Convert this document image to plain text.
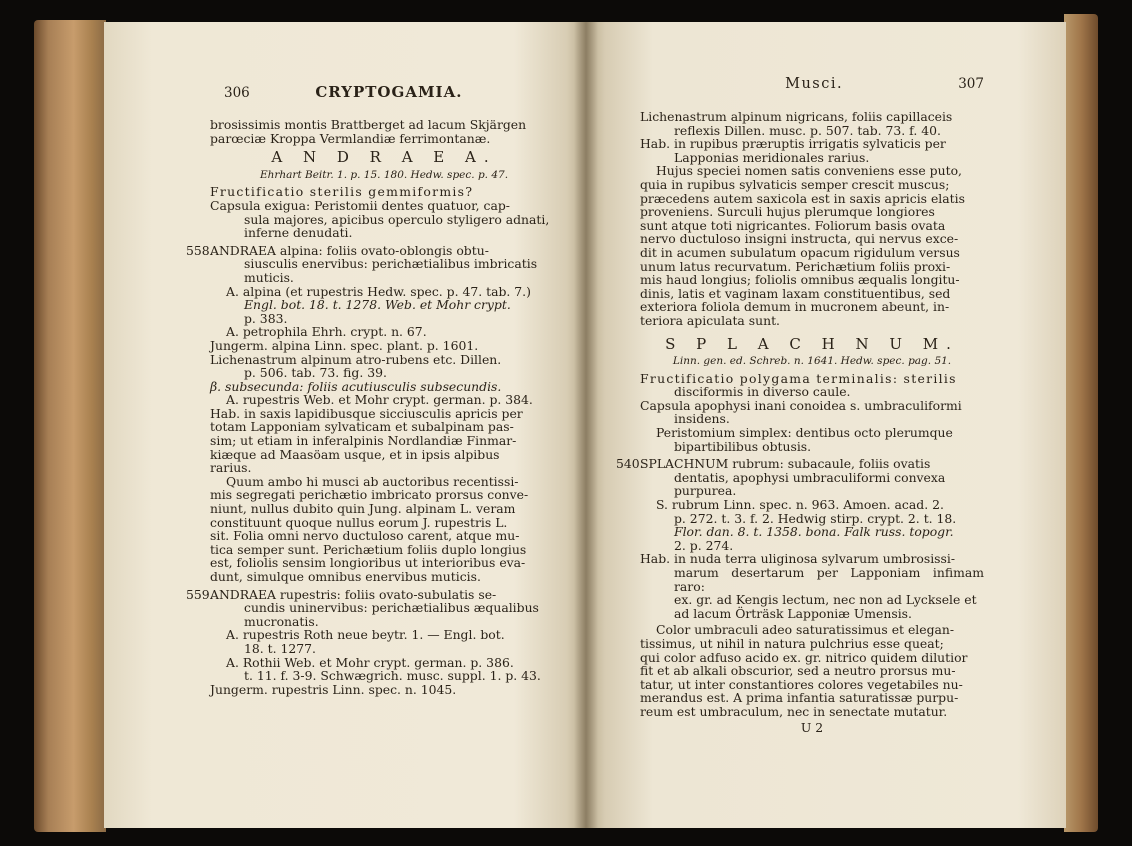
306	CRYPTOGAMIA.

brosissimis montis Brattberget ad lacum Skjärgen

parœciæ Kroppa Vermlandiæ ferrimontanæ.

A N D R A E A.
Ehrhart Beitr. 1. p. 15. 180. Hedw. spec. p. 47.

Fructificatio sterilis gemmiformis?

Capsula exigua: Peristomii dentes quatuor, cap-

sula majores, apicibus operculo styligero adnati,

inferne denudati.

558.

ANDRAEA alpina: foliis ovato-oblongis obtu-

siusculis enervibus: perichætialibus imbricatis

muticis.

A. alpina (et rupestris Hedw. spec. p. 47. tab. 7.)

Engl. bot. 18. t. 1278. Web. et Mohr crypt.

p. 383.

A. petrophila Ehrh. crypt. n. 67.

Jungerm. alpina Linn. spec. plant. p. 1601.

Lichenastrum alpinum atro-rubens etc. Dillen.

p. 506. tab. 73. fig. 39.

β. subsecunda: foliis acutiusculis subsecundis.

A. rupestris Web. et Mohr crypt. german. p. 384.

Hab. in saxis lapidibusque sicciusculis apricis per

totam Lapponiam sylvaticam et subalpinam pas-

sim; ut etiam in inferalpinis Nordlandiæ Finmar-

kiæque ad Maasöam usque, et in ipsis alpibus

rarius.

Quum ambo hi musci ab auctoribus recentissi-

mis segregati perichætio imbricato prorsus conve-

niunt, nullus dubito quin Jung. alpinam L. veram

constituunt quoque nullus eorum J. rupestris L.

sit. Folia omni nervo ductuloso carent, atque mu-

tica semper sunt. Perichætium foliis duplo longius

est, foliolis sensim longioribus ut interioribus eva-

dunt, simulque omnibus enervibus muticis.

559.

ANDRAEA rupestris: foliis ovato-subulatis se-

cundis uninervibus: perichætialibus æqualibus

mucronatis.

A. rupestris Roth neue beytr. 1. — Engl. bot.

18. t. 1277.

A. Rothii Web. et Mohr crypt. german. p. 386.

t. 11. f. 3-9. Schwægrich. musc. suppl. 1. p. 43.

Jungerm. rupestris Linn. spec. n. 1045.

Musci.	307

Lichenastrum alpinum nigricans, foliis capillaceis

reflexis Dillen. musc. p. 507. tab. 73. f. 40.

Hab. in rupibus præruptis irrigatis sylvaticis per

Lapponias meridionales rarius.

Hujus speciei nomen satis conveniens esse puto,

quia in rupibus sylvaticis semper crescit muscus;

præcedens autem saxicola est in saxis apricis elatis

proveniens. Surculi hujus plerumque longiores

sunt atque toti nigricantes. Foliorum basis ovata

nervo ductuloso insigni instructa, qui nervus exce-

dit in acumen subulatum opacum rigidulum versus

unum latus recurvatum. Perichætium foliis proxi-

mis haud longius; foliolis omnibus æqualis longitu-

dinis, latis et vaginam laxam constituentibus, sed

exteriora foliola demum in mucronem abeunt, in-

teriora apiculata sunt.

S P L A C H N U M.
Linn. gen. ed. Schreb. n. 1641. Hedw. spec. pag. 51.

Fructificatio polygama terminalis: sterilis

disciformis in diverso caule.

Capsula apophysi inani conoidea s. umbraculiformi

insidens.

Peristomium simplex: dentibus octo plerumque

bipartibilibus obtusis.

540.

SPLACHNUM rubrum: subacaule, foliis ovatis

dentatis, apophysi umbraculiformi convexa

purpurea.

S. rubrum Linn. spec. n. 963. Amoen. acad. 2.

p. 272. t. 3. f. 2. Hedwig stirp. crypt. 2. t. 18.

Flor. dan. 8. t. 1358. bona. Falk russ. topogr.

2. p. 274.

Hab. in nuda terra uliginosa sylvarum umbrosissi-

marum desertarum per Lapponiam infimam raro:

ex. gr. ad Kengis lectum, nec non ad Lycksele et

ad lacum Örträsk Lapponiæ Umensis.

Color umbraculi adeo saturatissimus et elegan-

tissimus, ut nihil in natura pulchrius esse queat;

qui color adfuso acido ex. gr. nitrico quidem dilutior

fit et ab alkali obscurior, sed a neutro prorsus mu-

tatur, ut inter constantiores colores vegetabiles nu-

merandus est. A prima infantia saturatissæ purpu-

reum est umbraculum, nec in senectate mutatur.

U 2
